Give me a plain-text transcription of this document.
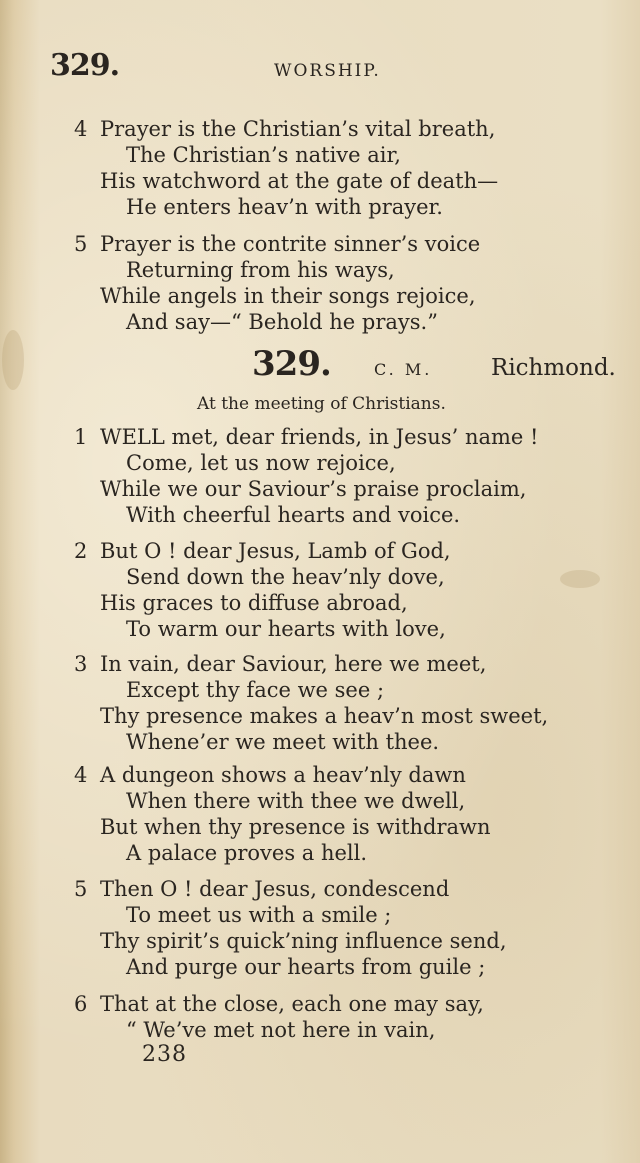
329.	WORSHIP.
4 Prayer is the Christian’s vital breath,
The Christian’s native air,
His watchword at the gate of death—
He enters heav’n with prayer.
5 Prayer is the contrite sinner’s voice
Returning from his ways,
While angels in their songs rejoice,
And say—“ Behold he prays.”
329.	C. M.	Richmond.
At the meeting of Christians.
1 WELL met, dear friends, in Jesus’ name !
Come, let us now rejoice,
While we our Saviour’s praise proclaim,
With cheerful hearts and voice.
2 But O ! dear Jesus, Lamb of God,
Send down the heav’nly dove,
His graces to diffuse abroad,
To warm our hearts with love,
3 In vain, dear Saviour, here we meet,
Except thy face we see ;
Thy presence makes a heav’n most sweet,
Whene’er we meet with thee.
4 A dungeon shows a heav’nly dawn
When there with thee we dwell,
But when thy presence is withdrawn
A palace proves a hell.
5 Then O ! dear Jesus, condescend
To meet us with a smile ;
Thy spirit’s quick’ning influence send,
And purge our hearts from guile ;
6 That at the close, each one may say,
“ We’ve met not here in vain,
238
